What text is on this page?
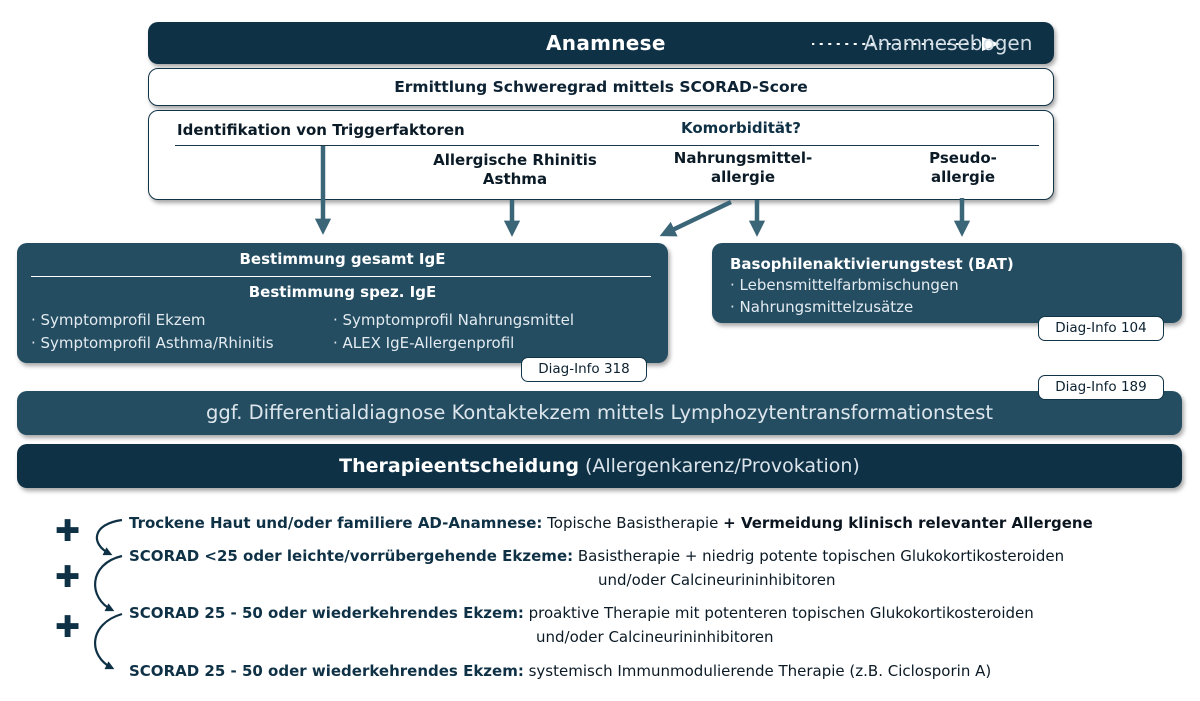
Anamnese	Anamnesebogen
Ermittlung Schweregrad mittels SCORAD-Score
Identifikation von Triggerfaktoren	Komorbidität?
Allergische Rhinitis
Asthma
Nahrungsmittel-
allergie
Pseudo-
allergie
Bestimmung gesamt IgE
Bestimmung spez. IgE
· Symptomprofil Ekzem
· Symptomprofil Asthma/Rhinitis
· Symptomprofil Nahrungsmittel
· ALEX IgE-Allergenprofil
Diag-Info 318
Basophilenaktivierungstest (BAT)
· Lebensmittelfarbmischungen
· Nahrungsmittelzusätze
Diag-Info 104
ggf. Differentialdiagnose Kontaktekzem mittels Lymphozytentransformationstest
Diag-Info 189
Therapieentscheidung (Allergenkarenz/Provokation)
✚
✚
✚
Trockene Haut und/oder familiere AD-Anamnese: Topische Basistherapie + Vermeidung klinisch relevanter Allergene
SCORAD <25 oder leichte/vorrübergehende Ekzeme: Basistherapie + niedrig potente topischen Glukokortikosteroiden
und/oder Calcineurininhibitoren
SCORAD 25 - 50 oder wiederkehrendes Ekzem: proaktive Therapie mit potenteren topischen Glukokortikosteroiden
und/oder Calcineurininhibitoren
SCORAD 25 - 50 oder wiederkehrendes Ekzem: systemisch Immunmodulierende Therapie (z.B. Ciclosporin A)
